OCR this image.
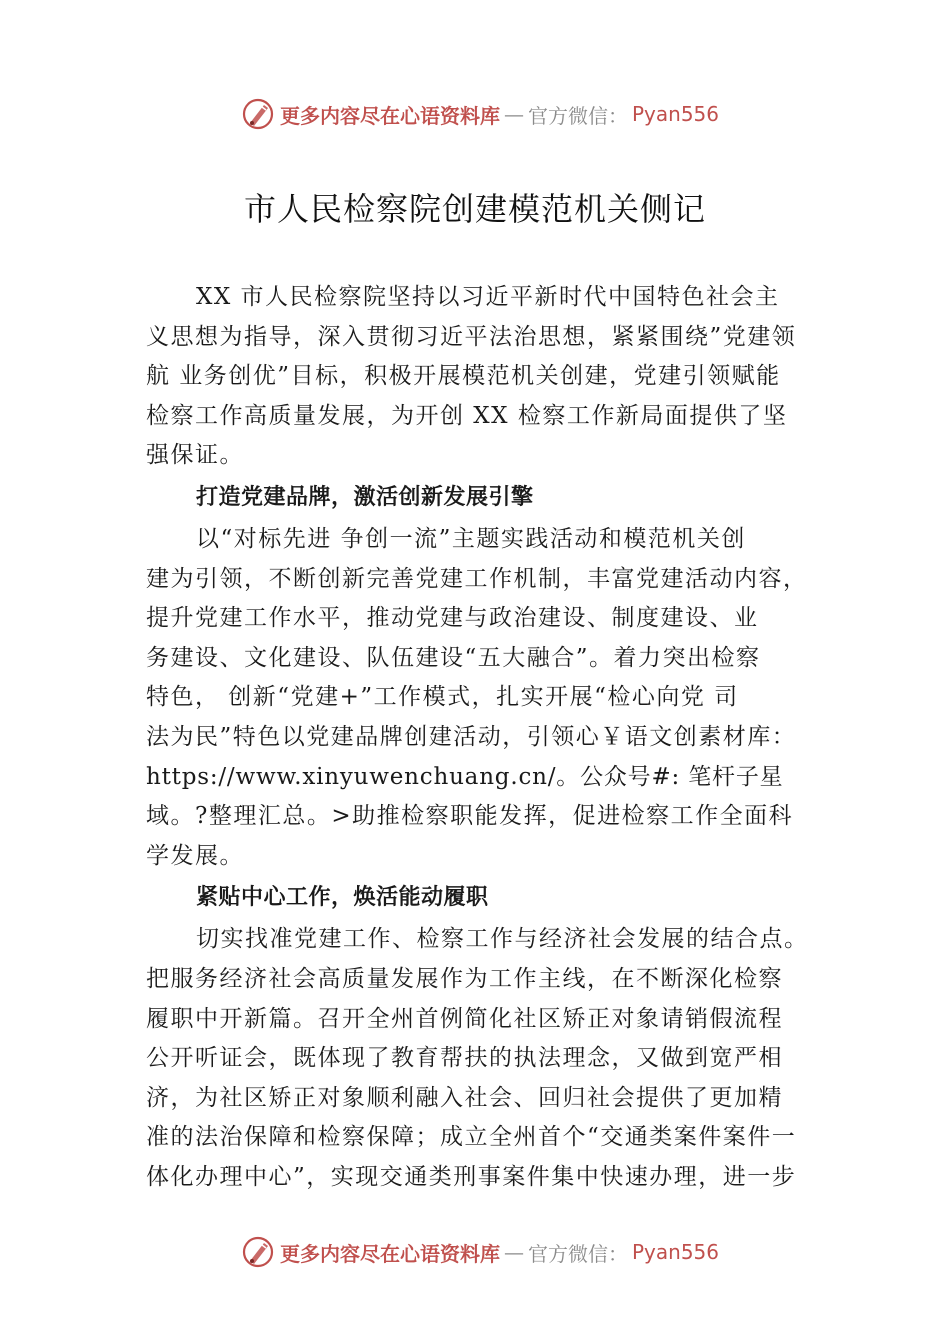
更多内容尽在心语资料库 — 官方微信： Pyan556
市人民检察院创建模范机关侧记
XX 市人民检察院坚持以习近平新时代中国特色社会主
义思想为指导，深入贯彻习近平法治思想，紧紧围绕”党建领
航 业务创优”目标，积极开展模范机关创建，党建引领赋能
检察工作高质量发展，为开创 XX 检察工作新局面提供了坚
强保证。
打造党建品牌，激活创新发展引擎
以“对标先进 争创一流”主题实践活动和模范机关创
建为引领，不断创新完善党建工作机制，丰富党建活动内容，
提升党建工作水平，推动党建与政治建设、制度建设、业
务建设、文化建设、队伍建设“五大融合”。着力突出检察
特色， 创新“党建+”工作模式，扎实开展“检心向党 司
法为民”特色以党建品牌创建活动，引领心￥语文创素材库：
https://www.xinyuwenchuang.cn/。公众号#: 笔杆子星
域。?整理汇总。>助推检察职能发挥，促进检察工作全面科
学发展。
紧贴中心工作，焕活能动履职
切实找准党建工作、检察工作与经济社会发展的结合点。
把服务经济社会高质量发展作为工作主线，在不断深化检察
履职中开新篇。召开全州首例简化社区矫正对象请销假流程
公开听证会，既体现了教育帮扶的执法理念，又做到宽严相
济，为社区矫正对象顺利融入社会、回归社会提供了更加精
准的法治保障和检察保障；成立全州首个“交通类案件案件一
体化办理中心”，实现交通类刑事案件集中快速办理，进一步
更多内容尽在心语资料库 — 官方微信： Pyan556
